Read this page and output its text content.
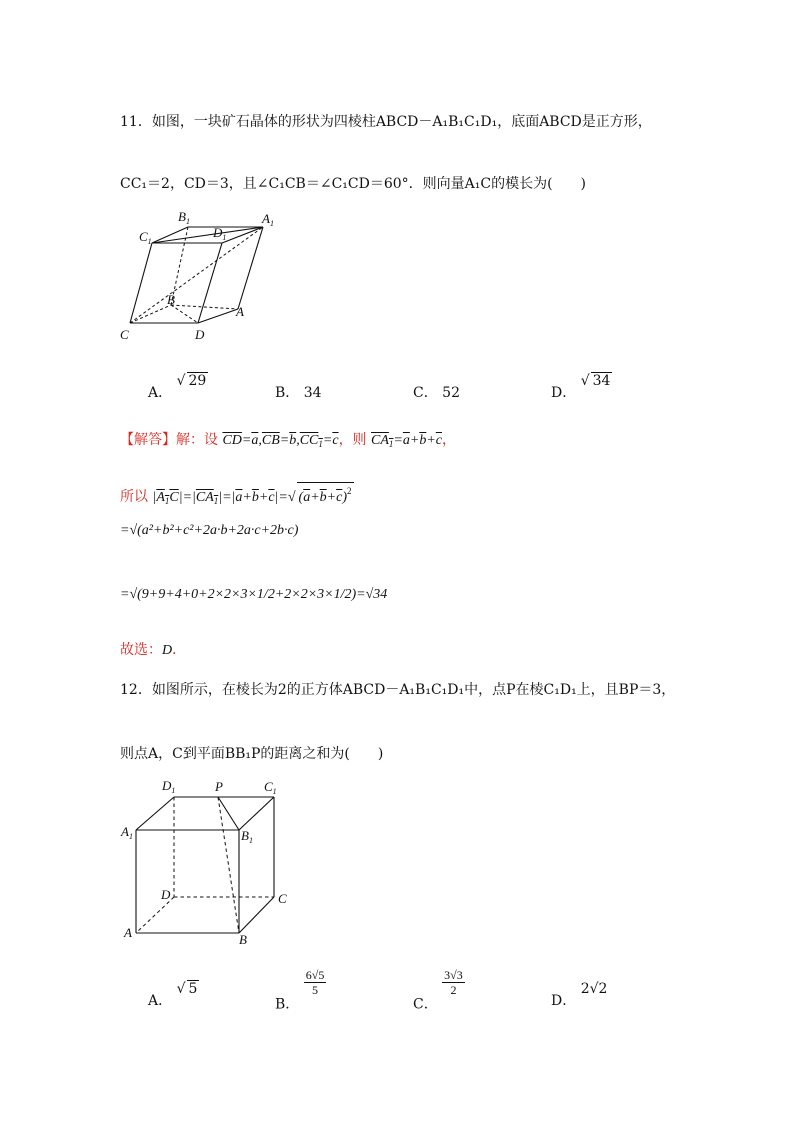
11．如图，一块矿石晶体的形状为四棱柱ABCD－A₁B₁C₁D₁，底面ABCD是正方形，
CC₁＝2，CD＝3，且∠C₁CB＝∠C₁CD＝60°．则向量A₁C的模长为(　　)
$C_1$
$B_1$
$D_1$
$A_1$
B
A
C	D
A． √ 29
B． 34	C． 52	D． √ 34
【解答】解：设 $\overline{CD}=\overline{a},\overline{CB}=\overline{b},CC_1=\overline{c}$，则 $CA_1=\overline{a}+\overline{b}+\overline{c}$，
所以 $|A_1C|=|CA_1|=|\overline{a}+\overline{b}+\overline{c}|=√$ $(\overline{a}+\overline{b}+\overline{c})^2$
=√(a²+b²+c²+2a·b+2a·c+2b·c)
=√(9+9+4+0+2×2×3×1/2+2×2×3×1/2)=√34
故选：D．
12．如图所示，在棱长为2的正方体ABCD－A₁B₁C₁D₁中，点P在棱C₁D₁上，且BP＝3，
则点A，C到平面BB₁P的距离之和为(　　)
$D_1$	P	$C_1$
$A_1$	$B_1$
D	C
A	B
A． √ 5
B．
$\frac{6√5}{5}$
C．
$\frac{3√3}{2}$
D． 2√2
